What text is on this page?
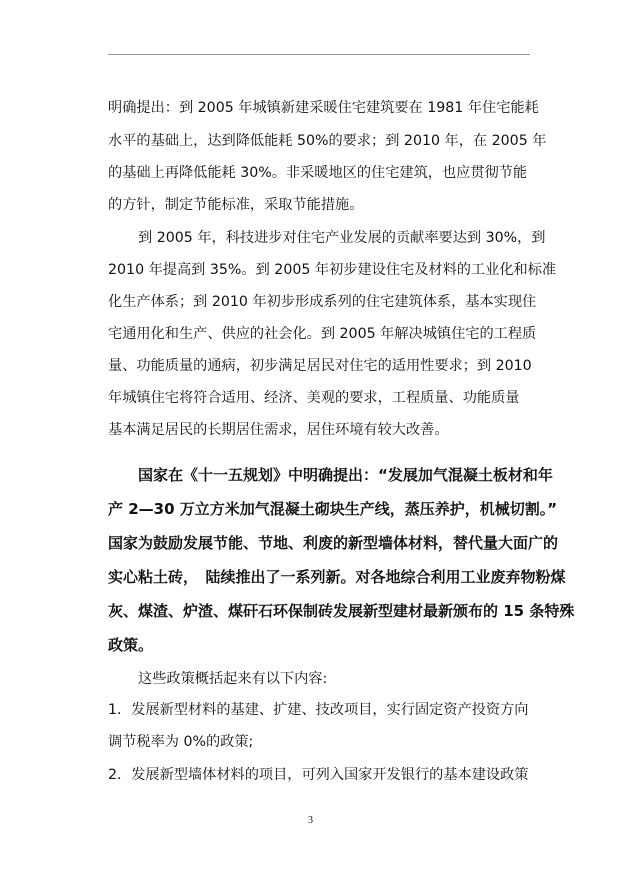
明确提出：到 2005 年城镇新建采暖住宅建筑要在 1981 年住宅能耗

水平的基础上，达到降低能耗 50%的要求；到 2010 年，在 2005 年

的基础上再降低能耗 30%。非采暖地区的住宅建筑，也应贯彻节能

的方针，制定节能标准，采取节能措施。

到 2005 年，科技进步对住宅产业发展的贡献率要达到 30%，到

2010 年提高到 35%。到 2005 年初步建设住宅及材料的工业化和标准

化生产体系；到 2010 年初步形成系列的住宅建筑体系，基本实现住

宅通用化和生产、供应的社会化。到 2005 年解决城镇住宅的工程质

量、功能质量的通病，初步满足居民对住宅的适用性要求；到 2010

年城镇住宅将符合适用、经济、美观的要求，工程质量、功能质量

基本满足居民的长期居住需求，居住环境有较大改善。

国家在《十一五规划》中明确提出：“发展加气混凝土板材和年

产 2—30 万立方米加气混凝土砌块生产线，蒸压养护，机械切割。”

国家为鼓励发展节能、节地、利废的新型墙体材料，替代量大面广的

实心粘土砖，　陆续推出了一系列新。对各地综合利用工业废弃物粉煤

灰、煤渣、炉渣、煤矸石环保制砖发展新型建材最新颁布的 15 条特殊

政策。

这些政策概括起来有以下内容:

1．发展新型材料的基建、扩建、技改项目，实行固定资产投资方向

调节税率为 0%的政策;

2．发展新型墙体材料的项目，可列入国家开发银行的基本建设政策

3
